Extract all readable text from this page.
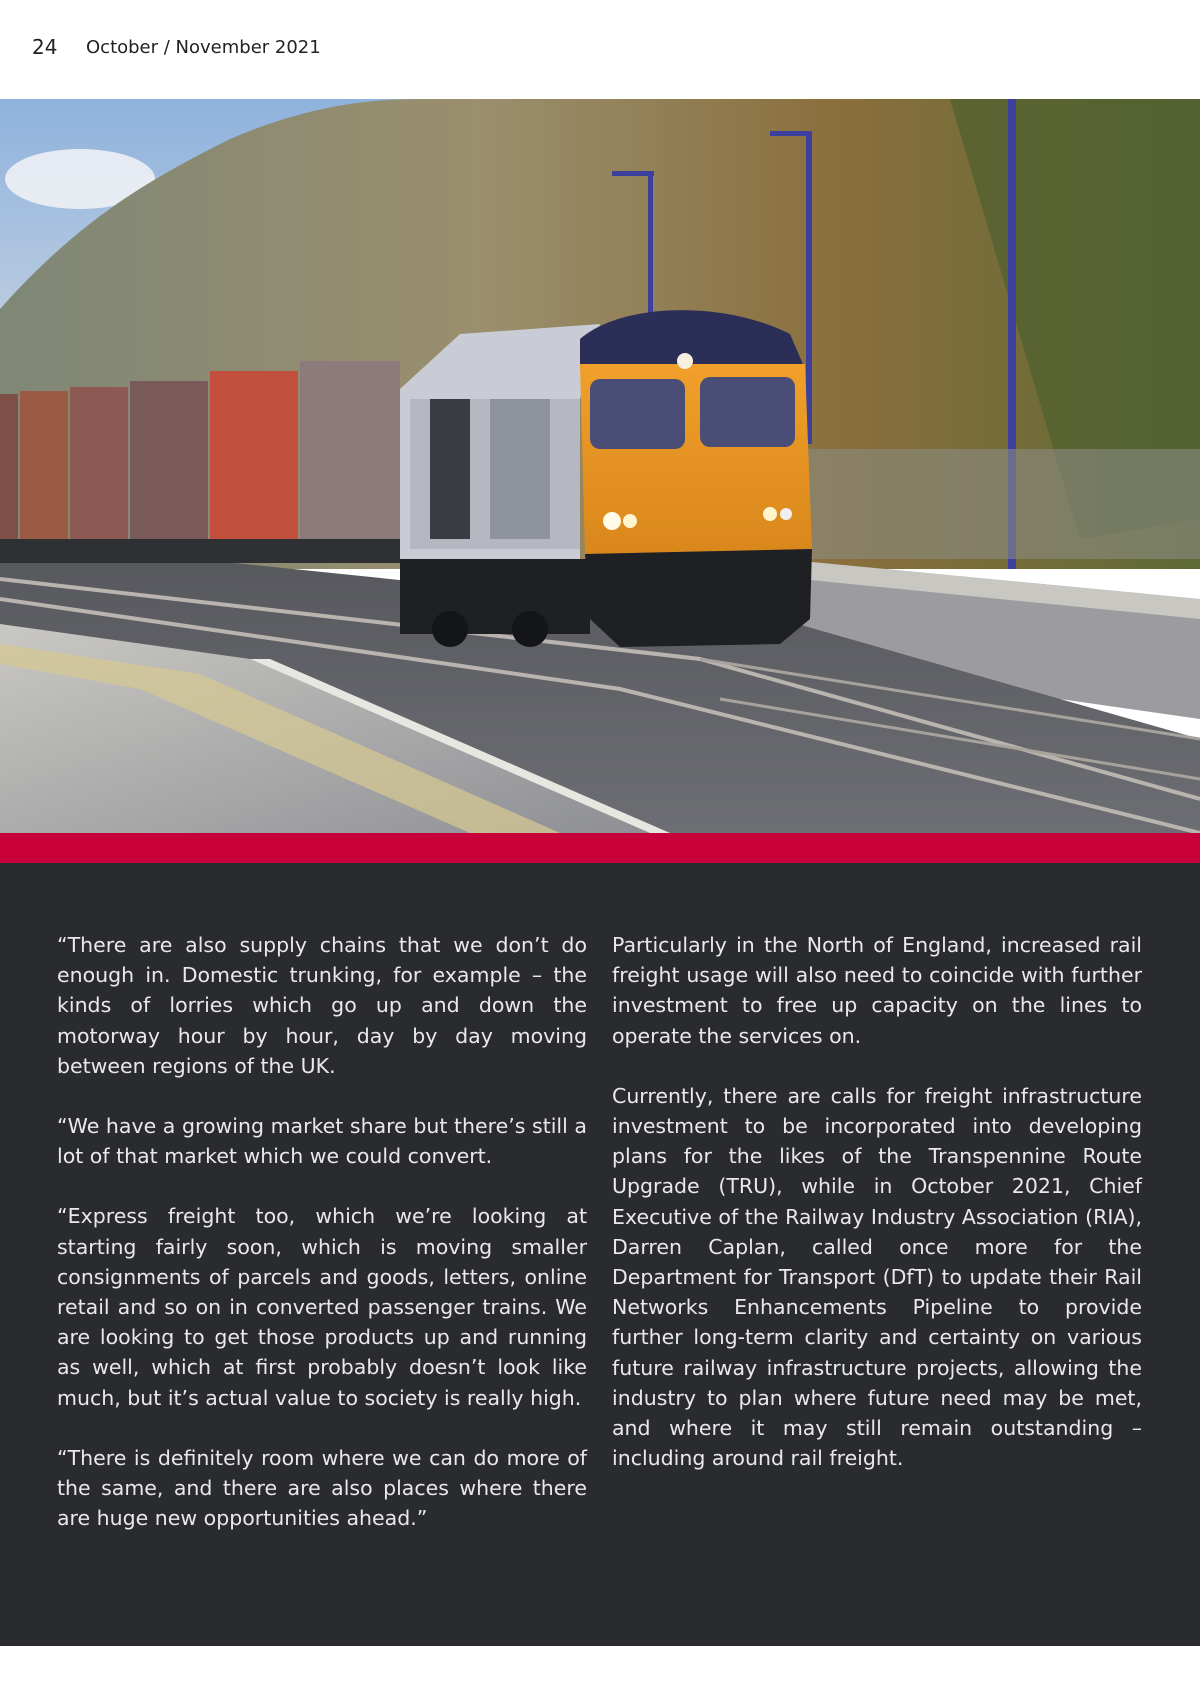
24 October / November 2021

“There are also supply chains that we don’t do enough in. Domestic trunking, for example – the kinds of lorries which go up and down the motorway hour by hour, day by day moving between regions of the UK.

“We have a growing market share but there’s still a lot of that market which we could convert.

“Express freight too, which we’re looking at starting fairly soon, which is moving smaller consignments of parcels and goods, letters, online retail and so on in converted passenger trains. We are looking to get those products up and running as well, which at first probably doesn’t look like much, but it’s actual value to society is really high.

“There is definitely room where we can do more of the same, and there are also places where there are huge new opportunities ahead.”

Particularly in the North of England, increased rail freight usage will also need to coincide with further investment to free up capacity on the lines to operate the services on.

Currently, there are calls for freight infrastructure investment to be incorporated into developing plans for the likes of the Transpennine Route Upgrade (TRU), while in October 2021, Chief Executive of the Railway Industry Association (RIA), Darren Caplan, called once more for the Department for Transport (DfT) to update their Rail Networks Enhancements Pipeline to provide further long-term clarity and certainty on various future railway infrastructure projects, allowing the industry to plan where future need may be met, and where it may still remain outstanding – including around rail freight.
